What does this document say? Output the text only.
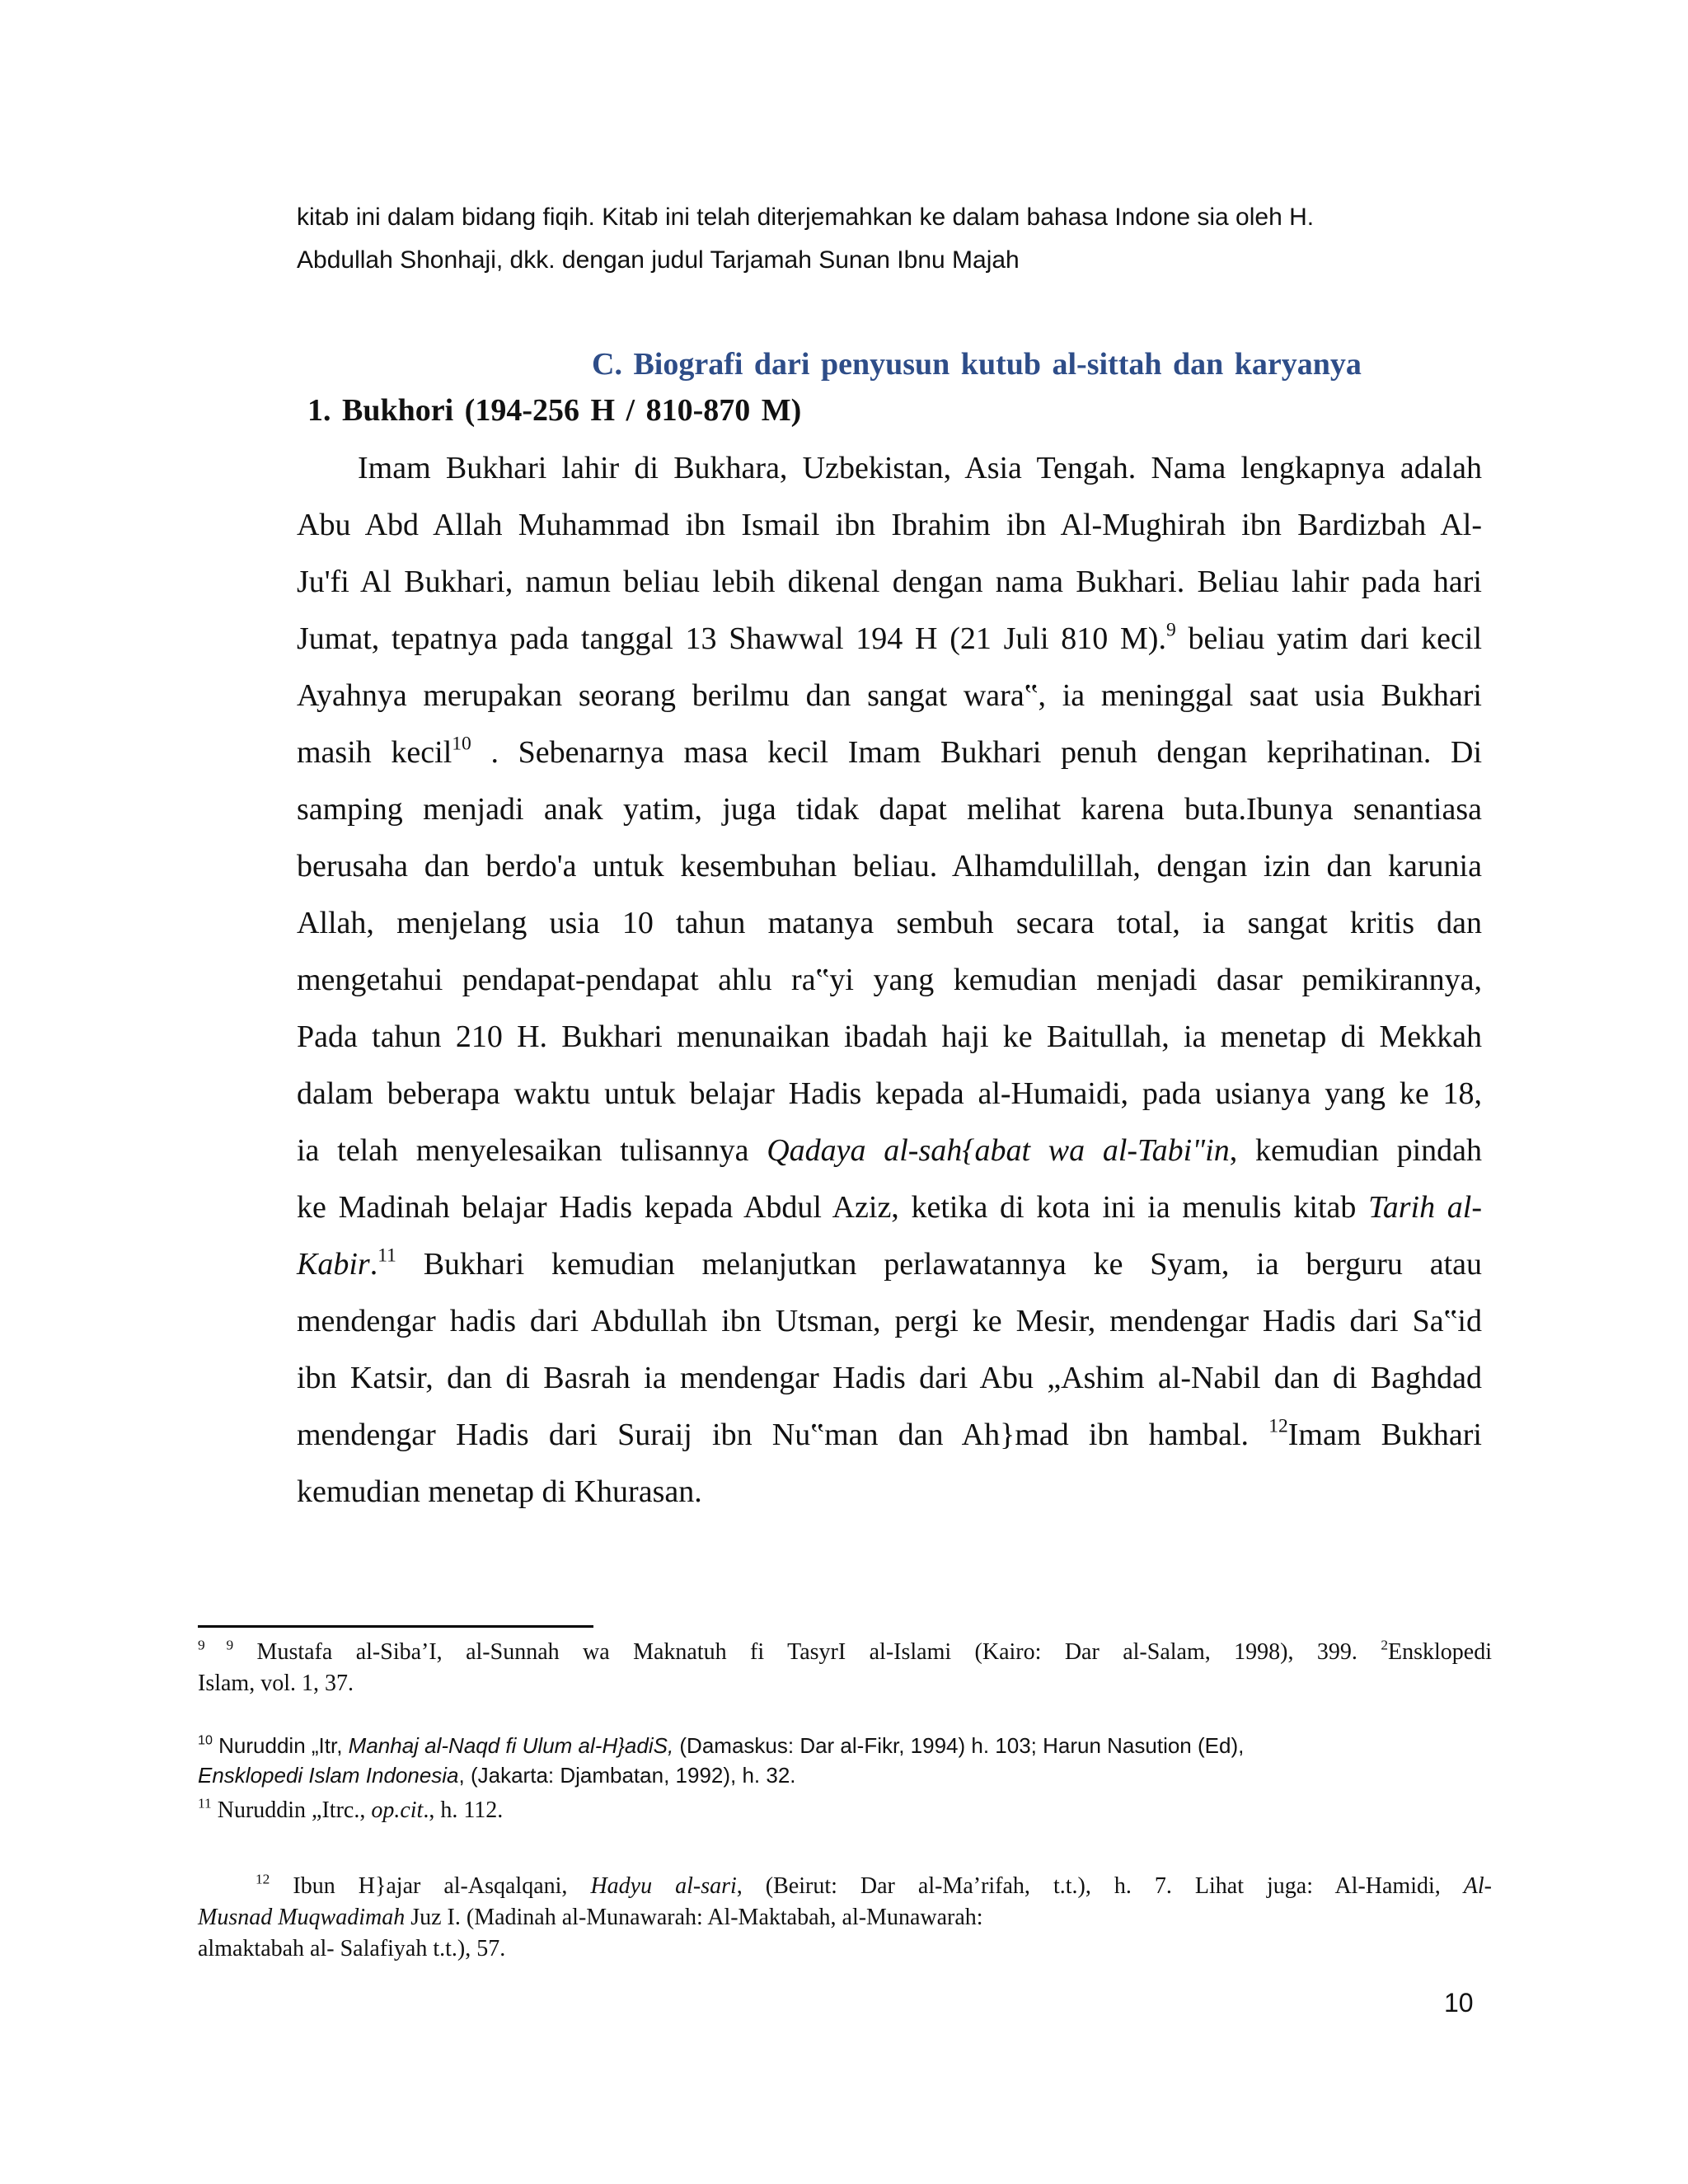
kitab ini dalam bidang fiqih. Kitab ini telah diterjemahkan ke dalam bahasa Indone sia oleh H.
Abdullah Shonhaji, dkk. dengan judul Tarjamah Sunan Ibnu Majah
C. Biografi dari penyusun kutub al-sittah dan karyanya
1. Bukhori (194-256 H / 810-870 M)
Imam Bukhari lahir di Bukhara, Uzbekistan, Asia Tengah. Nama lengkapnya adalah
Abu Abd Allah Muhammad ibn Ismail ibn Ibrahim ibn Al-Mughirah ibn Bardizbah Al-
Ju'fi Al Bukhari, namun beliau lebih dikenal dengan nama Bukhari. Beliau lahir pada hari
Jumat, tepatnya pada tanggal 13 Shawwal 194 H (21 Juli 810 M).$^9$ beliau yatim dari kecil
Ayahnya merupakan seorang berilmu dan sangat wara‟, ia meninggal saat usia Bukhari
masih kecil$^{10}$ . Sebenarnya masa kecil Imam Bukhari penuh dengan keprihatinan. Di
samping menjadi anak yatim, juga tidak dapat melihat karena buta.Ibunya senantiasa
berusaha dan berdo'a untuk kesembuhan beliau. Alhamdulillah, dengan izin dan karunia
Allah, menjelang usia 10 tahun matanya sembuh secara total, ia sangat kritis dan
mengetahui pendapat-pendapat ahlu ra‟yi yang kemudian menjadi dasar pemikirannya,
Pada tahun 210 H. Bukhari menunaikan ibadah haji ke Baitullah, ia menetap di Mekkah
dalam beberapa waktu untuk belajar Hadis kepada al-Humaidi, pada usianya yang ke 18,
ia telah menyelesaikan tulisannya Qadaya al-sah{abat wa al-Tabi"in, kemudian pindah
ke Madinah belajar Hadis kepada Abdul Aziz, ketika di kota ini ia menulis kitab Tarih al-
Kabir.$^{11}$ Bukhari kemudian melanjutkan perlawatannya ke Syam, ia berguru atau
mendengar hadis dari Abdullah ibn Utsman, pergi ke Mesir, mendengar Hadis dari Sa‟id
ibn Katsir, dan di Basrah ia mendengar Hadis dari Abu „Ashim al-Nabil dan di Baghdad
mendengar Hadis dari Suraij ibn Nu‟man dan Ah}mad ibn hambal. $^{12}$Imam Bukhari
kemudian menetap di Khurasan.
$^{9 9}$ Mustafa al-Siba’I, al-Sunnah wa Maknatuh fi TasyrI al-Islami (Kairo: Dar al-Salam, 1998), 399. $^2$Ensklopedi
Islam, vol. 1, 37.
$^{10}$ Nuruddin „Itr, Manhaj al-Naqd fi Ulum al-H}adiS, (Damaskus: Dar al-Fikr, 1994) h. 103; Harun Nasution (Ed),
Ensklopedi Islam Indonesia, (Jakarta: Djambatan, 1992), h. 32.
$^{11}$ Nuruddin „Itrc., op.cit., h. 112.
$^{12}$ Ibun H}ajar al-Asqalqani, Hadyu al-sari, (Beirut: Dar al-Ma’rifah, t.t.), h. 7. Lihat juga: Al-Hamidi, Al-
Musnad Muqwadimah Juz I. (Madinah al-Munawarah: Al-Maktabah, al-Munawarah:
almaktabah al- Salafiyah t.t.), 57.
10
